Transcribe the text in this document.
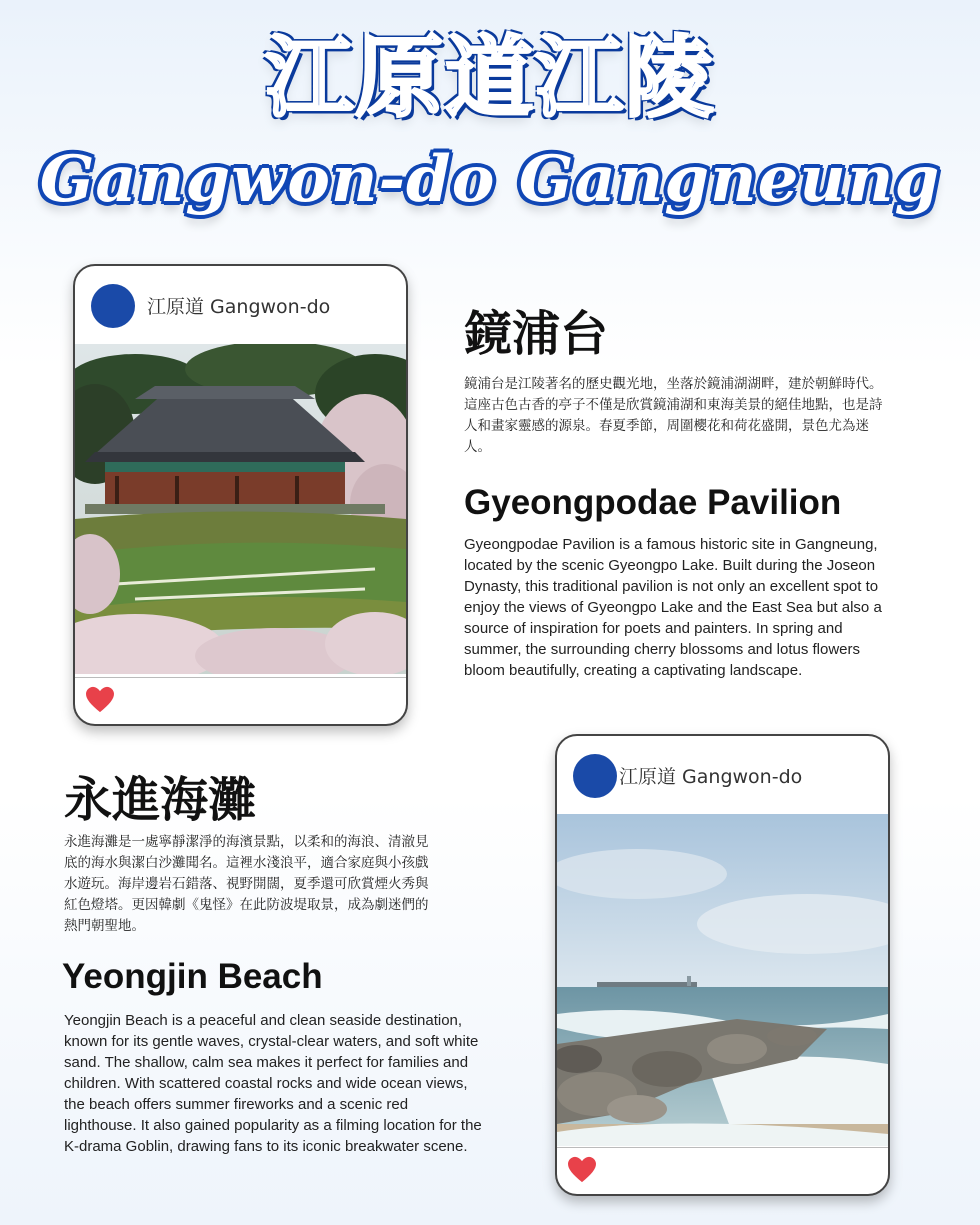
江原道江陵
Gangwon-do Gangneung
江原道 Gangwon-do	鏡浦台
鏡浦台是江陵著名的歷史觀光地，坐落於鏡浦湖湖畔，建於朝鮮時代。這座古色古香的亭子不僅是欣賞鏡浦湖和東海美景的絕佳地點，也是詩人和畫家靈感的源泉。春夏季節，周圍櫻花和荷花盛開，景色尤為迷人。
Gyeongpodae Pavilion
Gyeongpodae Pavilion is a famous historic site in Gangneung, located by the scenic Gyeongpo Lake. Built during the Joseon Dynasty, this traditional pavilion is not only an excellent spot to enjoy the views of Gyeongpo Lake and the East Sea but also a source of inspiration for poets and painters. In spring and summer, the surrounding cherry blossoms and lotus flowers bloom beautifully, creating a captivating landscape.
永進海灘
永進海灘是一處寧靜潔淨的海濱景點，以柔和的海浪、清澈見底的海水與潔白沙灘聞名。這裡水淺浪平，適合家庭與小孩戲水遊玩。海岸邊岩石錯落、視野開闊，夏季還可欣賞煙火秀與紅色燈塔。更因韓劇《鬼怪》在此防波堤取景，成為劇迷們的熱門朝聖地。
Yeongjin Beach
Yeongjin Beach is a peaceful and clean seaside destination, known for its gentle waves, crystal-clear waters, and soft white sand. The shallow, calm sea makes it perfect for families and children. With scattered coastal rocks and wide ocean views, the beach offers summer fireworks and a scenic red lighthouse. It also gained popularity as a filming location for the K-drama Goblin, drawing fans to its iconic breakwater scene.
江原道 Gangwon-do
